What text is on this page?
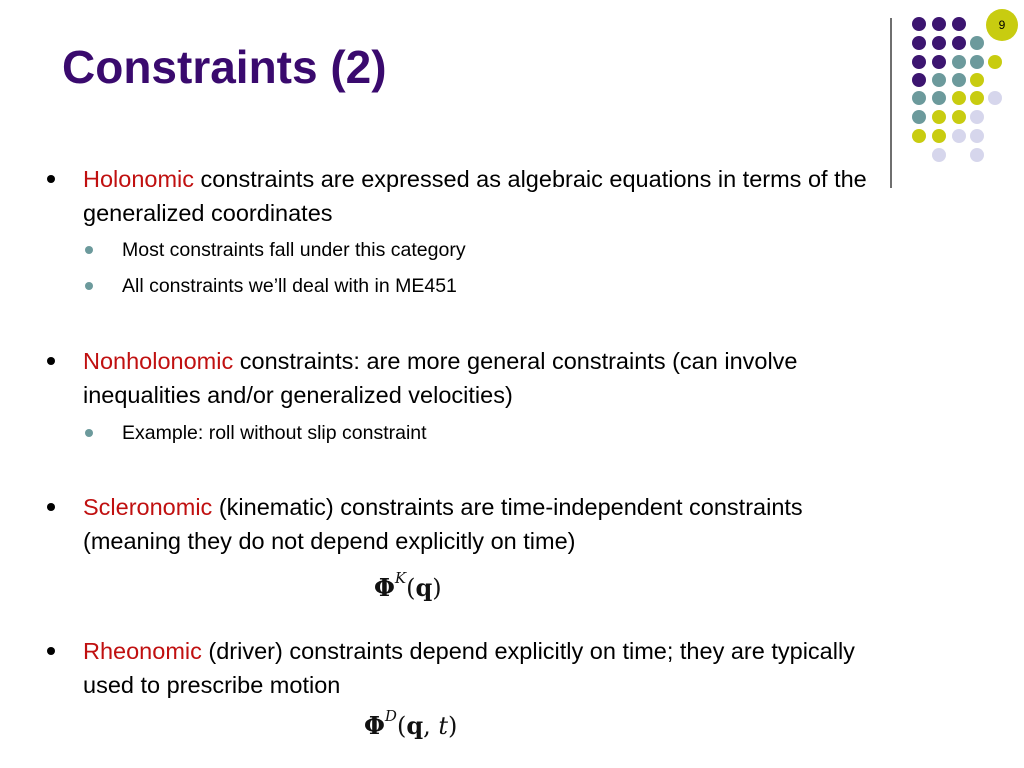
Constraints (2)
9
Holonomic constraints are expressed as algebraic equations in terms of the generalized coordinates
Most constraints fall under this category
All constraints we’ll deal with in ME451
Nonholonomic constraints: are more general constraints (can involve inequalities and/or generalized velocities)
Example: roll without slip constraint
Scleronomic (kinematic) constraints are time-independent constraints (meaning they do not depend explicitly on time)
$\Phi^K(q)$
Rheonomic (driver) constraints depend explicitly on time; they are typically used to prescribe motion
$\Phi^D(q$, t)
